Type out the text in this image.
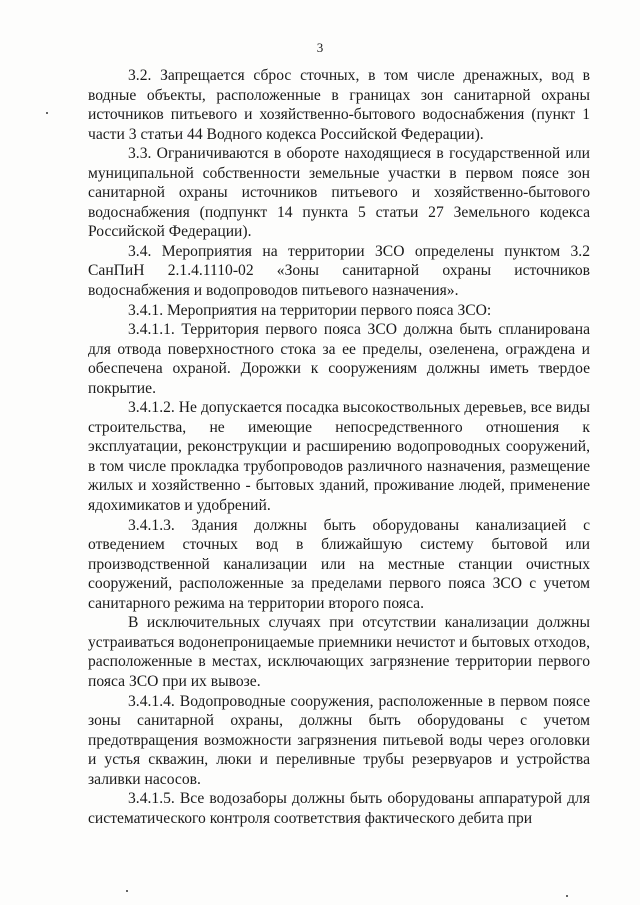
3

3.2. Запрещается сброс сточных, в том числе дренажных, вод в водные объекты, расположенные в границах зон санитарной охраны источников питьевого и хозяйственно-бытового водоснабжения (пункт 1 части 3 статьи 44 Водного кодекса Российской Федерации).

3.3. Ограничиваются в обороте находящиеся в государственной или муниципальной собственности земельные участки в первом поясе зон санитарной охраны источников питьевого и хозяйственно-бытового водоснабжения (подпункт 14 пункта 5 статьи 27 Земельного кодекса Российской Федерации).

3.4. Мероприятия на территории ЗСО определены пунктом 3.2 СанПиН 2.1.4.1110-02 «Зоны санитарной охраны источников водоснабжения и водопроводов питьевого назначения».

3.4.1. Мероприятия на территории первого пояса ЗСО:

3.4.1.1. Территория первого пояса ЗСО должна быть спланирована для отвода поверхностного стока за ее пределы, озеленена, ограждена и обеспечена охраной. Дорожки к сооружениям должны иметь твердое покрытие.

3.4.1.2. Не допускается посадка высокоствольных деревьев, все виды строительства, не имеющие непосредственного отношения к эксплуатации, реконструкции и расширению водопроводных сооружений, в том числе прокладка трубопроводов различного назначения, размещение жилых и хозяйственно - бытовых зданий, проживание людей, применение ядохимикатов и удобрений.

3.4.1.3. Здания должны быть оборудованы канализацией с отведением сточных вод в ближайшую систему бытовой или производственной канализации или на местные станции очистных сооружений, расположенные за пределами первого пояса ЗСО с учетом санитарного режима на территории второго пояса.

В исключительных случаях при отсутствии канализации должны устраиваться водонепроницаемые приемники нечистот и бытовых отходов, расположенные в местах, исключающих загрязнение территории первого пояса ЗСО при их вывозе.

3.4.1.4. Водопроводные сооружения, расположенные в первом поясе зоны санитарной охраны, должны быть оборудованы с учетом предотвращения возможности загрязнения питьевой воды через оголовки и устья скважин, люки и переливные трубы резервуаров и устройства заливки насосов.

3.4.1.5. Все водозаборы должны быть оборудованы аппаратурой для систематического контроля соответствия фактического дебита при
